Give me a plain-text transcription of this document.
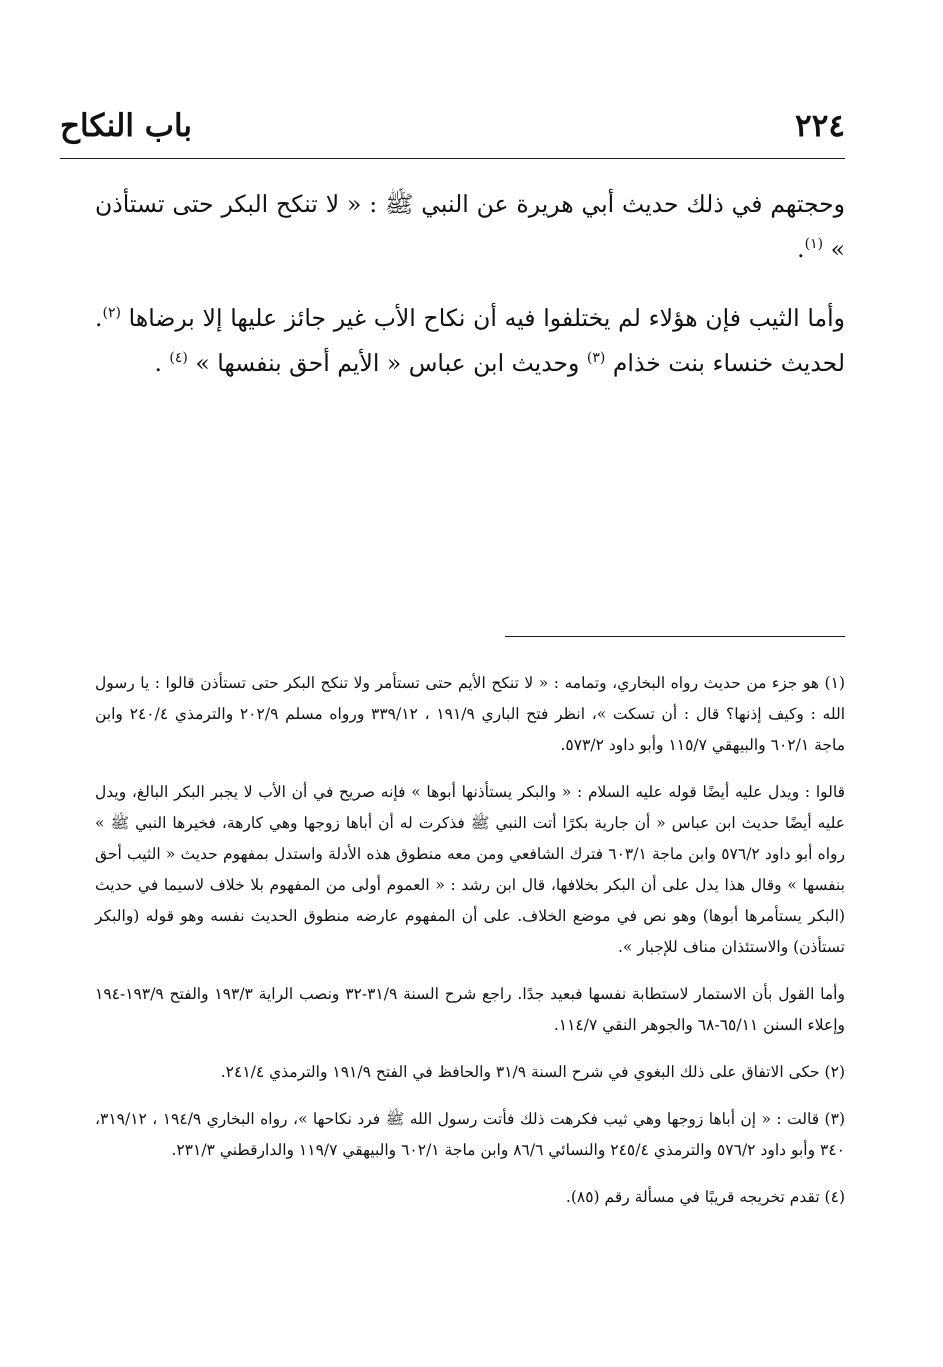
٢٢٤
باب النكاح

وحجتهم في ذلك حديث أبي هريرة عن النبي ﷺ : « لا تنكح البكر حتى تستأذن » $^{(١)}$.

وأما الثيب فإن هؤلاء لم يختلفوا فيه أن نكاح الأب غير جائز عليها إلا برضاها $^{(٢)}$. لحديث خنساء بنت خذام $^{(٣)}$ وحديث ابن عباس « الأيم أحق بنفسها » $^{(٤)}$ .

(١) هو جزء من حديث رواه البخاري، وتمامه : « لا تنكح الأيم حتى تستأمر ولا تنكح البكر حتى تستأذن قالوا : يا رسول الله : وكيف إذنها؟ قال : أن تسكت »، انظر فتح الباري ١٩١/٩ ، ٣٣٩/١٢ ورواه مسلم ٢٠٢/٩ والترمذي ٢٤٠/٤ وابن ماجة ٦٠٢/١ والبيهقي ١١٥/٧ وأبو داود ٥٧٣/٢.

قالوا : ويدل عليه أيضًا قوله عليه السلام : « والبكر يستأذنها أبوها » فإنه صريح في أن الأب لا يجبر البكر البالغ، ويدل عليه أيضًا حديث ابن عباس « أن جارية بكرًا أتت النبي ﷺ فذكرت له أن أباها زوجها وهي كارهة، فخيرها النبي ﷺ » رواه أبو داود ٥٧٦/٢ وابن ماجة ٦٠٣/١ فترك الشافعي ومن معه منطوق هذه الأدلة واستدل بمفهوم حديث « الثيب أحق بنفسها » وقال هذا يدل على أن البكر بخلافها، قال ابن رشد : « العموم أولى من المفهوم بلا خلاف لاسيما في حديث (البكر يستأمرها أبوها) وهو نص في موضع الخلاف. على أن المفهوم عارضه منطوق الحديث نفسه وهو قوله (والبكر تستأذن) والاستئذان مناف للإجبار ».

وأما القول بأن الاستمار لاستطابة نفسها فبعيد جدًا. راجع شرح السنة ٣١/٩-٣٢ ونصب الراية ١٩٣/٣ والفتح ١٩٣/٩-١٩٤ وإعلاء السنن ٦٥/١١-٦٨ والجوهر النقي ١١٤/٧.

(٢) حكى الاتفاق على ذلك البغوي في شرح السنة ٣١/٩ والحافظ في الفتح ١٩١/٩ والترمذي ٢٤١/٤.

(٣) قالت : « إن أباها زوجها وهي ثيب فكرهت ذلك فأتت رسول الله ﷺ فرد نكاحها »، رواه البخاري ١٩٤/٩ ، ٣١٩/١٢، ٣٤٠ وأبو داود ٥٧٦/٢ والترمذي ٢٤٥/٤ والنسائي ٨٦/٦ وابن ماجة ٦٠٢/١ والبيهقي ١١٩/٧ والدارقطني ٢٣١/٣.

(٤) تقدم تخريجه قريبًا في مسألة رقم (٨٥).
